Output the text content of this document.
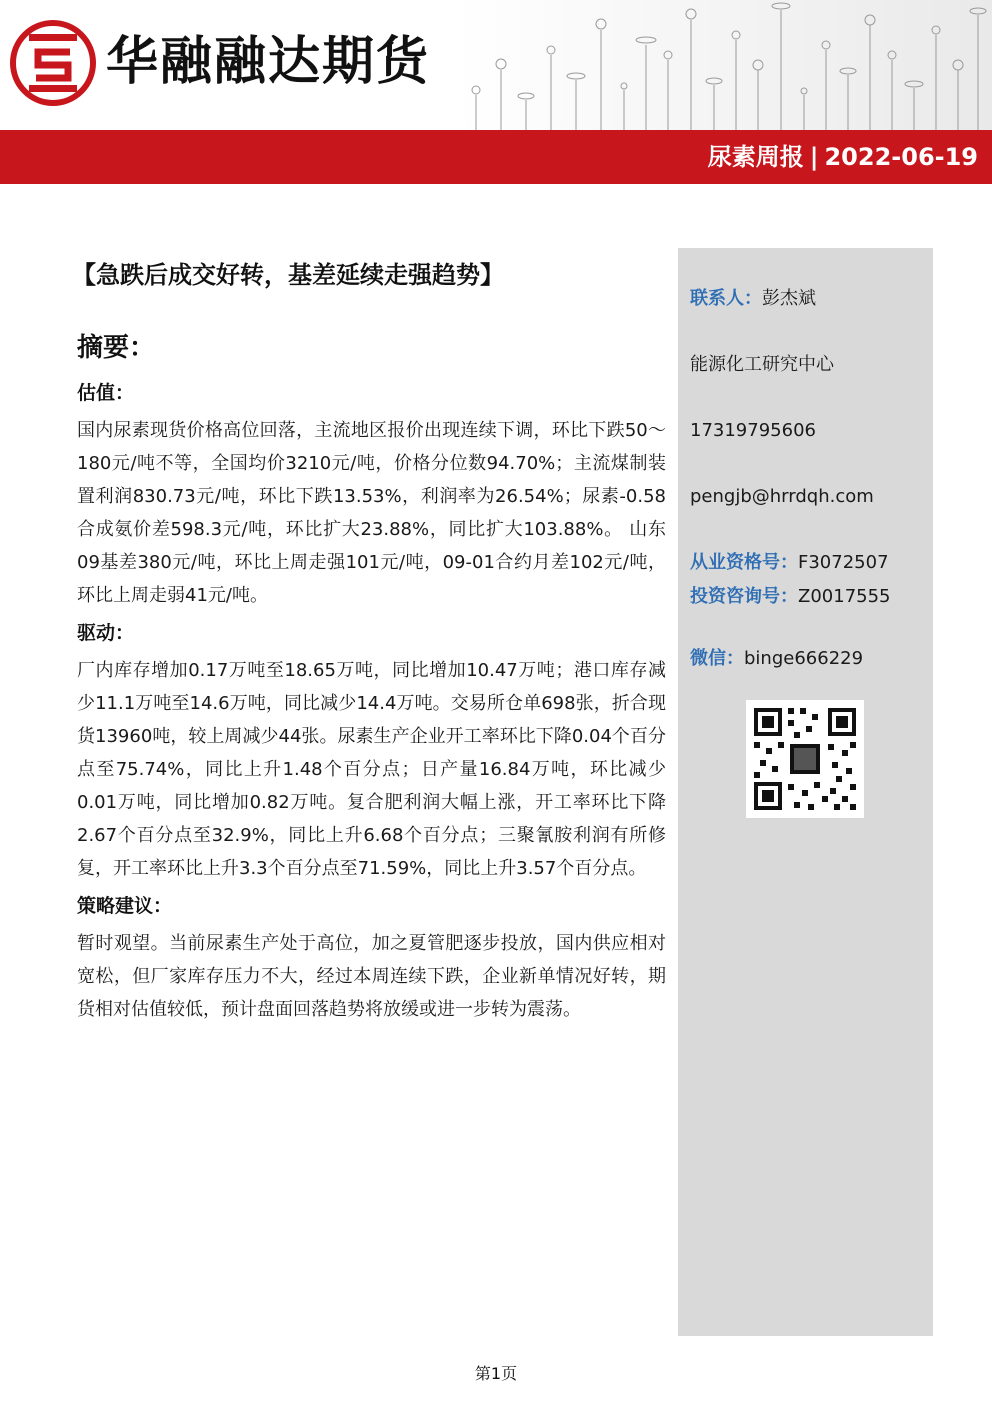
华融融达期货
尿素周报 | 2022-06-19
【急跌后成交好转，基差延续走强趋势】
摘要：
估值：

国内尿素现货价格高位回落，主流地区报价出现连续下调，环比下跌50～180元/吨不等，全国均价3210元/吨，价格分位数94.70%；主流煤制装置利润830.73元/吨，环比下跌13.53%，利润率为26.54%；尿素-0.58合成氨价差598.3元/吨，环比扩大23.88%，同比扩大103.88%。 山东09基差380元/吨，环比上周走强101元/吨，09-01合约月差102元/吨，环比上周走弱41元/吨。

驱动：

厂内库存增加0.17万吨至18.65万吨，同比增加10.47万吨；港口库存减少11.1万吨至14.6万吨，同比减少14.4万吨。交易所仓单698张，折合现货13960吨，较上周减少44张。尿素生产企业开工率环比下降0.04个百分点至75.74%，同比上升1.48个百分点；日产量16.84万吨，环比减少0.01万吨，同比增加0.82万吨。复合肥利润大幅上涨，开工率环比下降2.67个百分点至32.9%，同比上升6.68个百分点；三聚氰胺利润有所修复，开工率环比上升3.3个百分点至71.59%，同比上升3.57个百分点。

策略建议：

暂时观望。当前尿素生产处于高位，加之夏管肥逐步投放，国内供应相对宽松，但厂家库存压力不大，经过本周连续下跌，企业新单情况好转，期货相对估值较低，预计盘面回落趋势将放缓或进一步转为震荡。

联系人：彭杰斌
能源化工研究中心
17319795606
pengjb@hrrdqh.com
从业资格号：F3072507
投资咨询号：Z0017555
微信：binge666229
第1页
